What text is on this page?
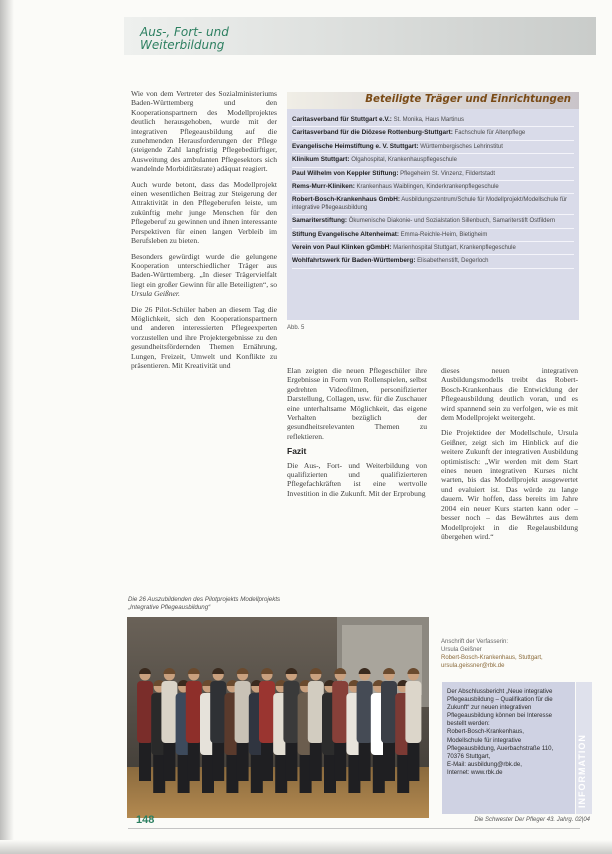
Aus-, Fort- und
Weiterbildung

Wie von dem Vertreter des Sozialministeriums Baden-Württemberg und den Kooperationspartnern des Modellprojektes deutlich herausgehoben, wurde mit der integrativen Pflegeausbildung auf die zunehmenden Herausforderungen der Pflege (steigende Zahl langfristig Pflegebedürftiger, Ausweitung des ambulanten Pflegesektors sich wandelnde Morbiditätsrate) adäquat reagiert.

Auch wurde betont, dass das Modellprojekt einen wesentlichen Beitrag zur Steigerung der Attraktivität in den Pflegeberufen leiste, um zukünftig mehr junge Menschen für den Pflegeberuf zu gewinnen und ihnen interessante Perspektiven für einen langen Verbleib im Berufsleben zu bieten.

Besonders gewürdigt wurde die gelungene Kooperation unterschiedlicher Träger aus Baden-Württemberg. „In dieser Trägervielfalt liegt ein großer Gewinn für alle Beteiligten“, so Ursula Geißner.

Die 26 Pilot-Schüler haben an diesem Tag die Möglichkeit, sich den Kooperationspartnern und anderen interessierten Pflegeexperten vorzustellen und ihre Projektergebnisse zu den gesundheitsfördernden Themen Ernährung, Lungen, Freizeit, Umwelt und Konflikte zu präsentieren. Mit Kreativität und

Beteiligte Träger und Einrichtungen
Caritasverband für Stuttgart e.V.: St. Monika, Haus Martinus
Caritasverband für die Diözese Rottenburg-Stuttgart: Fachschule für Altenpflege
Evangelische Heimstiftung e. V. Stuttgart: Württembergisches Lehrinstitut
Klinikum Stuttgart: Olgahospital, Krankenhauspflegeschule
Paul Wilhelm von Keppler Stiftung: Pflegeheim St. Vinzenz, Fildertstadt
Rems-Murr-Kliniken: Krankenhaus Waiblingen, Kinderkrankenpflegeschule
Robert-Bosch-Krankenhaus GmbH: Ausbildungszentrum/Schule für Modellprojekt/Modellschule für integrative Pflegeausbildung
Samariterstiftung: Ökumenische Diakonie- und Sozialstation Sillenbuch, Samariterstift Ostfildern
Stiftung Evangelische Altenheimat: Emma-Reichle-Heim, Bietigheim
Verein von Paul Klinken gGmbH: Marienhospital Stuttgart, Krankenpflegeschule
Wohlfahrtswerk für Baden-Württemberg: Elisabethenstift, Degerloch
Abb. 5

Elan zeigten die neuen Pflegeschüler ihre Ergebnisse in Form von Rollenspielen, selbst gedrehten Videofilmen, personifizierter Darstellung, Collagen, usw. für die Zuschauer eine unterhaltsame Möglichkeit, das eigene Verhalten bezüglich der gesundheitsrelevanten Themen zu reflektieren.

Fazit

Die Aus-, Fort- und Weiterbildung von qualifizierten und qualifizierteren Pflegefachkräften ist eine wertvolle Investition in die Zukunft. Mit der Erprobung

dieses neuen integrativen Ausbildungsmodells treibt das Robert-Bosch-Krankenhaus die Entwicklung der Pflegeausbildung deutlich voran, und es wird spannend sein zu verfolgen, wie es mit dem Modellprojekt weitergeht.

Die Projektidee der Modellschule, Ursula Geißner, zeigt sich im Hinblick auf die weitere Zukunft der integrativen Ausbildung optimistisch: „Wir werden mit dem Start eines neuen integrativen Kurses nicht warten, bis das Modellprojekt ausgewertet und evaluiert ist. Das würde zu lange dauern. Wir hoffen, dass bereits im Jahre 2004 ein neuer Kurs starten kann oder – besser noch – das Bewährtes aus dem Modellprojekt in die Regelausbildung übergehen wird.“

Die 26 Auszubildenden des Pilotprojekts Modellprojekts
„Integrative Pflegeausbildung“
Anschrift der Verfasserin:
Ursula Geißner
Robert-Bosch-Krankenhaus, Stuttgart, ursula.geissner@rbk.de
Der Abschlussbericht „Neue integrative Pflegeausbildung – Qualifikation für die Zukunft“ zur neuen integrativen Pflegeausbildung können bei Interesse bestellt werden:
Robert-Bosch-Krankenhaus,
Modellschule für integrative Pflegeausbildung, Auerbachstraße 110,
70376 Stuttgart,
E-Mail: ausbildung@rbk.de,
Internet: www.rbk.de	INFORMATION
148	Die Schwester Der Pfleger 43. Jahrg. 02|04
